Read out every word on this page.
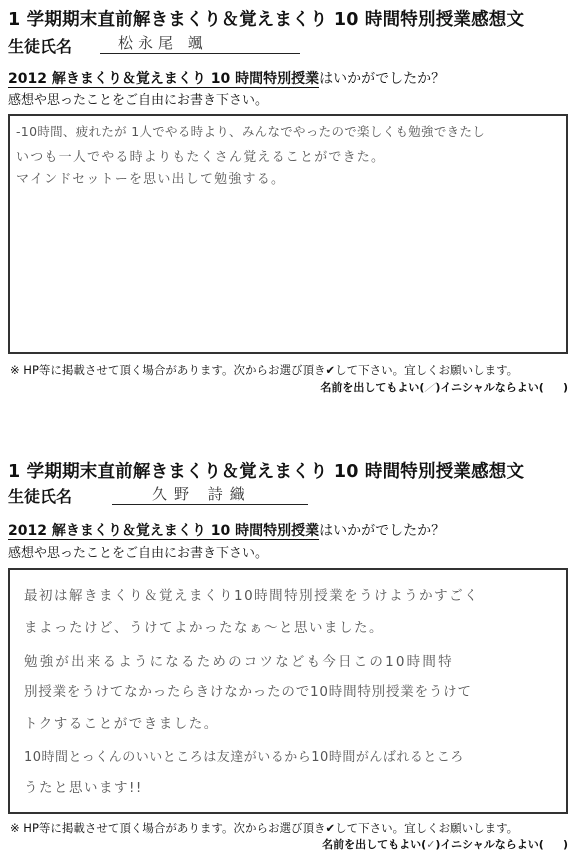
1 学期期末直前解きまくり＆覚えまくり 10 時間特別授業感想文
生徒氏名	松永尾 颯
2012 解きまくり＆覚えまくり 10 時間特別授業はいかがでしたか？
感想や思ったことをご自由にお書き下さい。
-10時間、疲れたが 1人でやる時より、みんなでやったので楽しくも勉強できたし
いつも一人でやる時よりもたくさん覚えることができた。
マインドセットーを思い出して勉強する。
※ HP等に掲載させて頂く場合があります。次からお選び頂き✔して下さい。宜しくお願いします。
名前を出してもよい(／)イニシャルならよい( )
1 学期期末直前解きまくり＆覚えまくり 10 時間特別授業感想文
生徒氏名	久野 詩織
2012 解きまくり＆覚えまくり 10 時間特別授業はいかがでしたか？
感想や思ったことをご自由にお書き下さい。
最初は解きまくり＆覚えまくり10時間特別授業をうけようかすごく
まよったけど、うけてよかったなぁ〜と思いました。
勉強が出来るようになるためのコツなども今日この10時間特
別授業をうけてなかったらきけなかったので10時間特別授業をうけて
トクすることができました。
10時間とっくんのいいところは友達がいるから10時間がんばれるところ
うたと思います!!
※ HP等に掲載させて頂く場合があります。次からお選び頂き✔して下さい。宜しくお願いします。
名前を出してもよい(✓)イニシャルならよい( )
